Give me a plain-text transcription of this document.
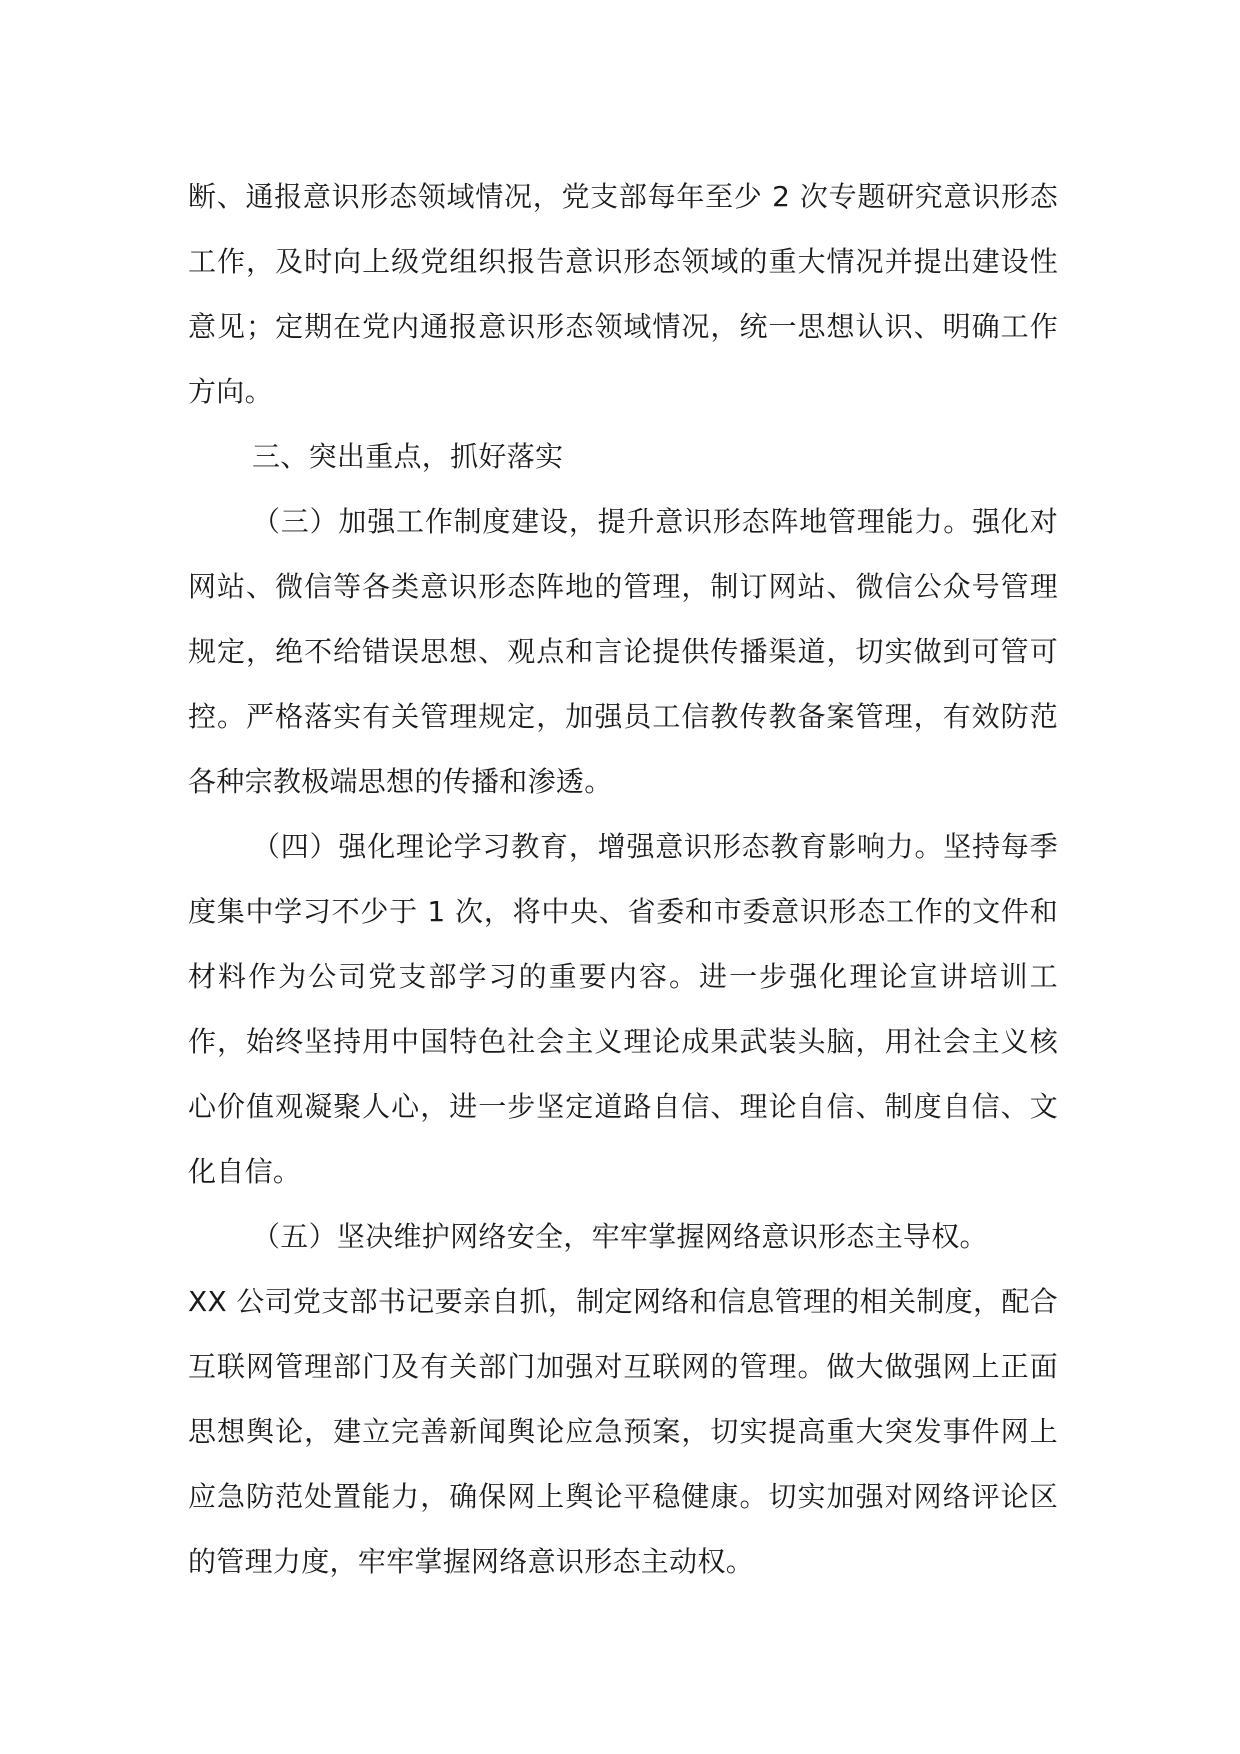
断、通报意识形态领域情况，党支部每年至少 2 次专题研究意识形态工作，及时向上级党组织报告意识形态领域的重大情况并提出建设性意见；定期在党内通报意识形态领域情况，统一思想认识、明确工作方向。

三、突出重点，抓好落实

（三）加强工作制度建设，提升意识形态阵地管理能力。强化对网站、微信等各类意识形态阵地的管理，制订网站、微信公众号管理规定，绝不给错误思想、观点和言论提供传播渠道，切实做到可管可控。严格落实有关管理规定，加强员工信教传教备案管理，有效防范各种宗教极端思想的传播和渗透。

（四）强化理论学习教育，增强意识形态教育影响力。坚持每季度集中学习不少于 1 次，将中央、省委和市委意识形态工作的文件和材料作为公司党支部学习的重要内容。进一步强化理论宣讲培训工作，始终坚持用中国特色社会主义理论成果武装头脑，用社会主义核心价值观凝聚人心，进一步坚定道路自信、理论自信、制度自信、文化自信。

（五）坚决维护网络安全，牢牢掌握网络意识形态主导权。

XX 公司党支部书记要亲自抓，制定网络和信息管理的相关制度，配合互联网管理部门及有关部门加强对互联网的管理。做大做强网上正面思想舆论，建立完善新闻舆论应急预案，切实提高重大突发事件网上应急防范处置能力，确保网上舆论平稳健康。切实加强对网络评论区的管理力度，牢牢掌握网络意识形态主动权。
